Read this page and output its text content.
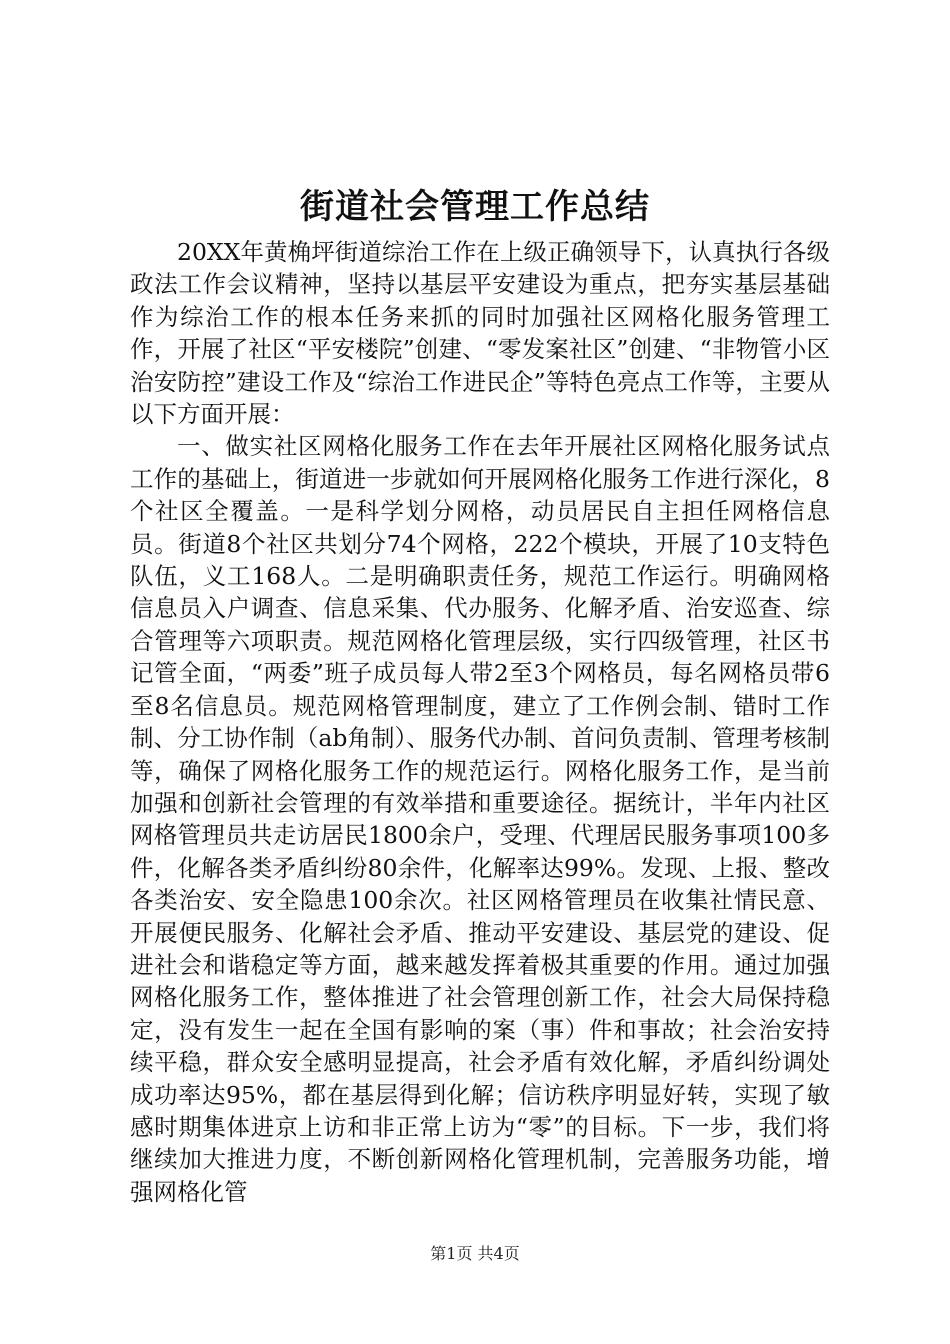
街道社会管理工作总结

20XX年黄桷坪街道综治工作在上级正确领导下，认真执行各级政法工作会议精神，坚持以基层平安建设为重点，把夯实基层基础作为综治工作的根本任务来抓的同时加强社区网格化服务管理工作，开展了社区“平安楼院”创建、“零发案社区”创建、“非物管小区治安防控”建设工作及“综治工作进民企”等特色亮点工作等，主要从以下方面开展：

一、做实社区网格化服务工作在去年开展社区网格化服务试点工作的基础上，街道进一步就如何开展网格化服务工作进行深化，8个社区全覆盖。一是科学划分网格，动员居民自主担任网格信息员。街道8个社区共划分74个网格，222个模块，开展了10支特色队伍，义工168人。二是明确职责任务，规范工作运行。明确网格信息员入户调查、信息采集、代办服务、化解矛盾、治安巡查、综合管理等六项职责。规范网格化管理层级，实行四级管理，社区书记管全面，“两委”班子成员每人带2至3个网格员，每名网格员带6至8名信息员。规范网格管理制度，建立了工作例会制、错时工作制、分工协作制（ab角制）、服务代办制、首问负责制、管理考核制等，确保了网格化服务工作的规范运行。网格化服务工作，是当前加强和创新社会管理的有效举措和重要途径。据统计，半年内社区网格管理员共走访居民1800余户，受理、代理居民服务事项100多件，化解各类矛盾纠纷80余件，化解率达99%。发现、上报、整改各类治安、安全隐患100余次。社区网格管理员在收集社情民意、开展便民服务、化解社会矛盾、推动平安建设、基层党的建设、促进社会和谐稳定等方面，越来越发挥着极其重要的作用。通过加强网格化服务工作，整体推进了社会管理创新工作，社会大局保持稳定，没有发生一起在全国有影响的案（事）件和事故；社会治安持续平稳，群众安全感明显提高，社会矛盾有效化解，矛盾纠纷调处成功率达95%，都在基层得到化解；信访秩序明显好转，实现了敏感时期集体进京上访和非正常上访为“零”的目标。下一步，我们将继续加大推进力度，不断创新网格化管理机制，完善服务功能，增强网格化管

第1页 共4页
